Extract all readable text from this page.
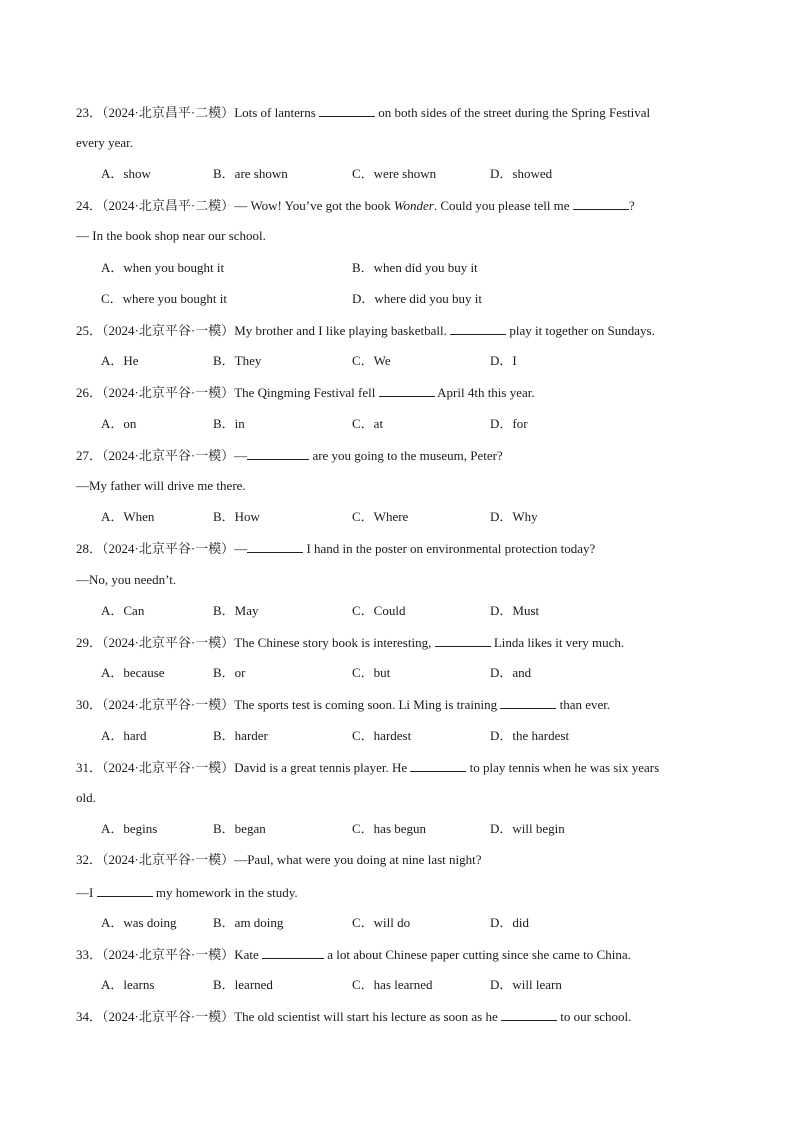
23．（2024·北京昌平·二模）Lots of lanterns	on both sides of the street during the Spring Festival
every year.
A．show	B．are shown	C．were shown	D．showed
24．（2024·北京昌平·二模）— Wow! You’ve got the book Wonder. Could you please tell me	?
— In the book shop near our school.
A．when you bought it	B．when did you buy it
C．where you bought it	D．where did you buy it
25．（2024·北京平谷·一模）My brother and I like playing basketball.	play it together on Sundays.
A．He	B．They	C．We	D．I
26．（2024·北京平谷·一模）The Qingming Festival fell	April 4th this year.
A．on	B．in	C．at	D．for
27．（2024·北京平谷·一模）—	are you going to the museum, Peter?
—My father will drive me there.
A．When	B．How	C．Where	D．Why
28．（2024·北京平谷·一模）—	I hand in the poster on environmental protection today?
—No, you needn’t.
A．Can	B．May	C．Could	D．Must
29．（2024·北京平谷·一模）The Chinese story book is interesting,	Linda likes it very much.
A．because	B．or	C．but	D．and
30．（2024·北京平谷·一模）The sports test is coming soon. Li Ming is training	than ever.
A．hard	B．harder	C．hardest	D．the hardest
31．（2024·北京平谷·一模）David is a great tennis player. He	to play tennis when he was six years
old.
A．begins	B．began	C．has begun	D．will begin
32．（2024·北京平谷·一模）—Paul, what were you doing at nine last night?
—I	my homework in the study.
A．was doing	B．am doing	C．will do	D．did
33．（2024·北京平谷·一模）Kate	a lot about Chinese paper cutting since she came to China.
A．learns	B．learned	C．has learned	D．will learn
34．（2024·北京平谷·一模）The old scientist will start his lecture as soon as he	to our school.
